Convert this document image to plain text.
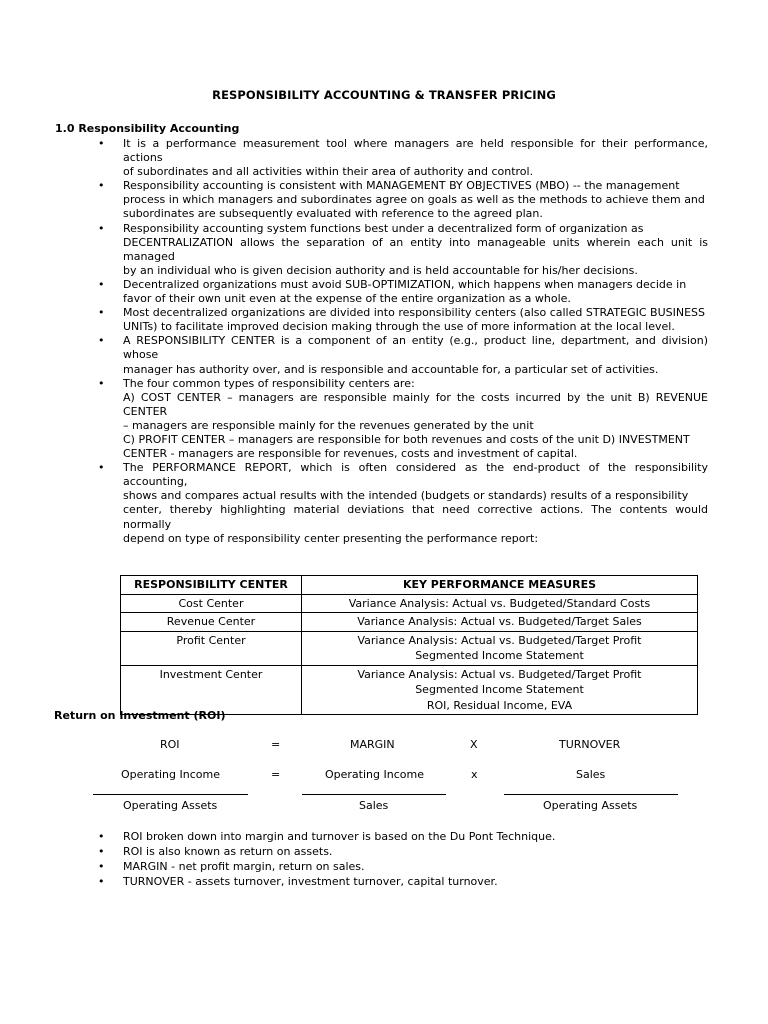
RESPONSIBILITY ACCOUNTING & TRANSFER PRICING
1.0 Responsibility Accounting
• It is a performance measurement tool where managers are held responsible for their performance, actions
of subordinates and all activities within their area of authority and control.
• Responsibility accounting is consistent with MANAGEMENT BY OBJECTIVES (MBO) -- the management
process in which managers and subordinates agree on goals as well as the methods to achieve them and
subordinates are subsequently evaluated with reference to the agreed plan.
• Responsibility accounting system functions best under a decentralized form of organization as
DECENTRALIZATION allows the separation of an entity into manageable units wherein each unit is managed
by an individual who is given decision authority and is held accountable for his/her decisions.
• Decentralized organizations must avoid SUB-OPTIMIZATION, which happens when managers decide in
favor of their own unit even at the expense of the entire organization as a whole.
• Most decentralized organizations are divided into responsibility centers (also called STRATEGIC BUSINESS
UNITs) to facilitate improved decision making through the use of more information at the local level.
• A RESPONSIBILITY CENTER is a component of an entity (e.g., product line, department, and division) whose
manager has authority over, and is responsible and accountable for, a particular set of activities.
• The four common types of responsibility centers are:
A) COST CENTER – managers are responsible mainly for the costs incurred by the unit B) REVENUE CENTER
– managers are responsible mainly for the revenues generated by the unit
C) PROFIT CENTER – managers are responsible for both revenues and costs of the unit D) INVESTMENT
CENTER - managers are responsible for revenues, costs and investment of capital.
• The PERFORMANCE REPORT, which is often considered as the end-product of the responsibility accounting,
shows and compares actual results with the intended (budgets or standards) results of a responsibility
center, thereby highlighting material deviations that need corrective actions. The contents would normally
depend on type of responsibility center presenting the performance report:
RESPONSIBILITY CENTER	KEY PERFORMANCE MEASURES
Cost Center	Variance Analysis: Actual vs. Budgeted/Standard Costs

Revenue Center	Variance Analysis: Actual vs. Budgeted/Target Sales

Profit Center	Variance Analysis: Actual vs. Budgeted/Target Profit
Segmented Income Statement

Investment Center	Variance Analysis: Actual vs. Budgeted/Target Profit
Segmented Income Statement
ROI, Residual Income, EVA
Return on Investment (ROI)
ROI	=	MARGIN	X	TURNOVER
Operating Income	=	Operating Income	x	Sales
Operating Assets	Sales	Operating Assets
• ROI broken down into margin and turnover is based on the Du Pont Technique.
• ROI is also known as return on assets.
• MARGIN - net profit margin, return on sales.
• TURNOVER - assets turnover, investment turnover, capital turnover.
